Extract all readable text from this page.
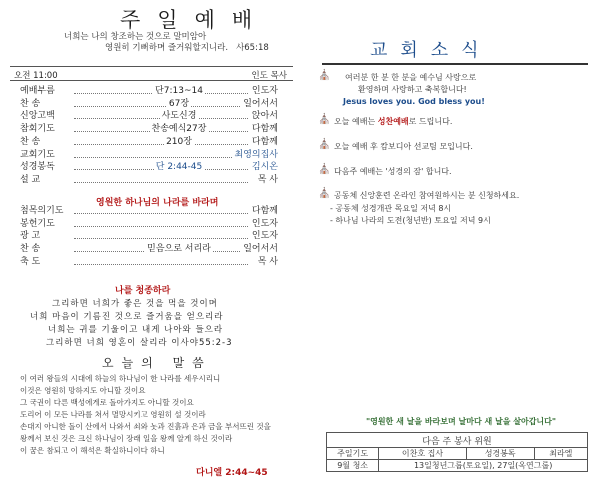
주일예배
너희는 나의 창조하는 것으로 말미암아
영원히 기뻐하며 즐거워할지니라. 사65:18
오전 11:00	인도 목사
예배부름	단7:13~14	인도자
찬 송	67장	일어서서
신앙고백	사도신경	앉아서
참회기도	찬송예식27장	다함께
찬 송	210장	다함께
교회기도	최영의집사
성경봉독	단 2:44-45	김시온
설 교	목 사
영원한 하나님의 나라를 바라며
첨목의기도	다함께
봉헌기도	인도자
광 고	인도자
찬 송	믿음으로 서리라	일어서서
축 도	목 사
나를 청종하라
그리하면 너희가 좋은 것을 먹을 것이며
너희 마음이 기름진 것으로 즐거움을 얻으리라
너희는 귀를 기울이고 내게 나아와 들으라
그리하면 너희 영혼이 살리라 이사야55:2-3
오늘의 말씀
이 여러 왕들의 시대에 하늘의 하나님이 한 나라를 세우시리니
이것은 영원히 망하지도 아니할 것이요
그 국권이 다른 백성에게로 돌아가지도 아니할 것이요
도리어 이 모든 나라를 쳐서 멸망시키고 영원히 설 것이라
손대지 아니한 돌이 산에서 나와서 쇠와 놋과 진흙과 은과 금을 부서뜨린 것을
왕께서 보신 것은 크신 하나님이 장래 일을 왕께 알게 하신 것이라
이 꿈은 참되고 이 해석은 확실하니이다 하니
다니엘 2:44~45
교회소식
⛪ 여러분 한 분 한 분을 예수님 사랑으로
환영하며 사랑하고 축복합니다!
Jesus loves you. God bless you!
⛪ 오늘 예배는 성찬예배로 드립니다.
⛪ 오늘 예배 후 캄보디아 선교팀 모입니다.
⛪ 다음주 예배는 '성경의 잠' 합니다.
⛪ 공동체 신앙훈련 온라인 참여원하시는 분 신청하세요.
- 공동체 성경개관 목요일 저녁 8시
- 하나님 나라의 도전(청년반) 토요일 저녁 9시
"영원한 새 날을 바라보며 날마다 새 날을 살아갑니다"
다음 주 봉사 위원			
주일기도	이찬호 집사	성경봉독	최라엘
9월 청소	13일청년그룹(토요일), 27일(옥연그룹)		
